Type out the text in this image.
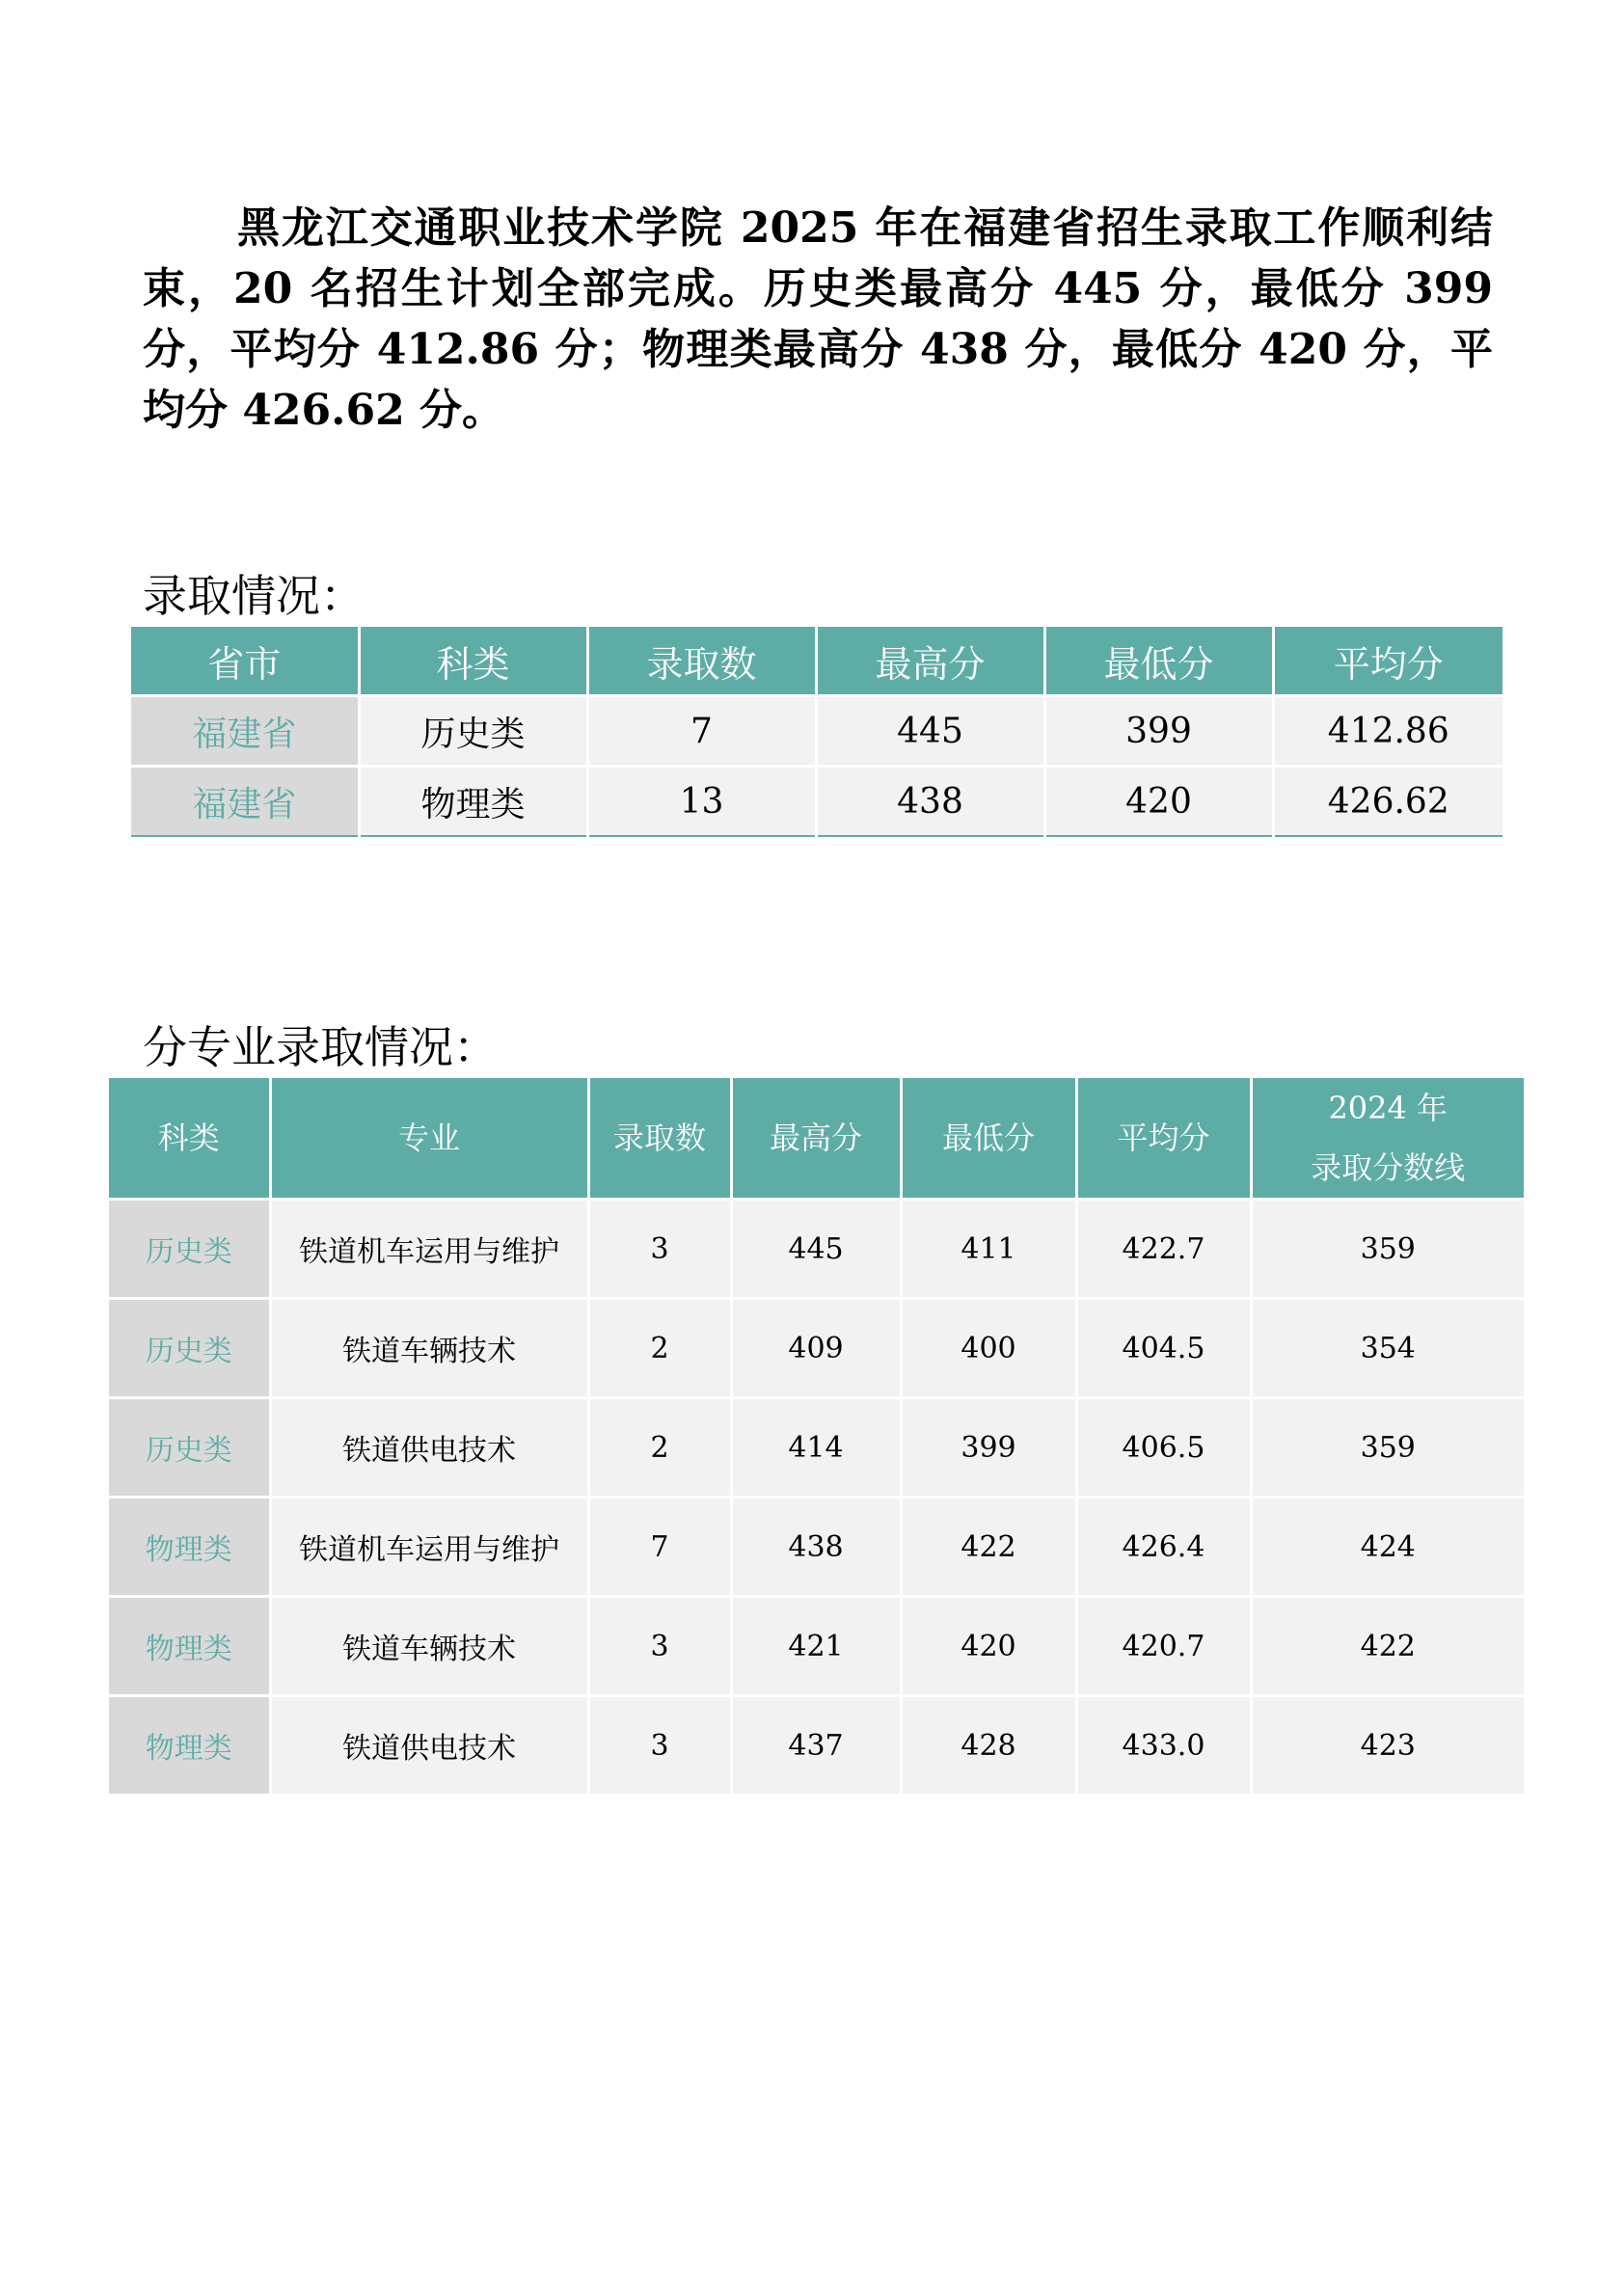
黑龙江交通职业技术学院 2025 年在福建省招生录取工作顺利结束，20 名招生计划全部完成。历史类最高分 445 分，最低分 399 分，平均分 412.86 分；物理类最高分 438 分，最低分 420 分，平均分 426.62 分。

录取情况：
省市	科类	录取数	最高分	最低分	平均分
福建省	历史类	7	445	399	412.86
福建省	物理类	13	438	420	426.62
分专业录取情况：
科类	专业	录取数	最高分	最低分	平均分	2024 年
录取分数线

历史类	铁道机车运用与维护	3	445	411	422.7	359
历史类	铁道车辆技术	2	409	400	404.5	354
历史类	铁道供电技术	2	414	399	406.5	359
物理类	铁道机车运用与维护	7	438	422	426.4	424
物理类	铁道车辆技术	3	421	420	420.7	422
物理类	铁道供电技术	3	437	428	433.0	423
